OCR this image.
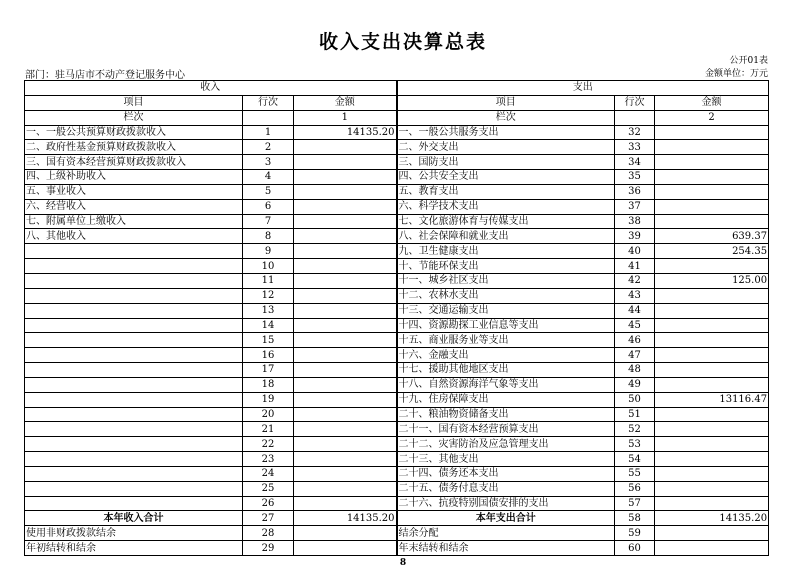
收入支出决算总表
公开01表
部门：驻马店市不动产登记服务中心	金额单位：万元
收入			支出		
项目	行次	金额	项目	行次	金额
栏次		1	栏次		2
一、一般公共预算财政拨款收入	1	14135.20	一、一般公共服务支出	32	
二、政府性基金预算财政拨款收入	2		二、外交支出	33	
三、国有资本经营预算财政拨款收入	3		三、国防支出	34	
四、上级补助收入	4		四、公共安全支出	35	
五、事业收入	5		五、教育支出	36	
六、经营收入	6		六、科学技术支出	37	
七、附属单位上缴收入	7		七、文化旅游体育与传媒支出	38	
八、其他收入	8		八、社会保障和就业支出	39	639.37
	9		九、卫生健康支出	40	254.35
	10		十、节能环保支出	41	
	11		十一、城乡社区支出	42	125.00
	12		十二、农林水支出	43	
	13		十三、交通运输支出	44	
	14		十四、资源勘探工业信息等支出	45	
	15		十五、商业服务业等支出	46	
	16		十六、金融支出	47	
	17		十七、援助其他地区支出	48	
	18		十八、自然资源海洋气象等支出	49	
	19		十九、住房保障支出	50	13116.47
	20		二十、粮油物资储备支出	51	
	21		二十一、国有资本经营预算支出	52	
	22		二十二、灾害防治及应急管理支出	53	
	23		二十三、其他支出	54	
	24		二十四、债务还本支出	55	
	25		二十五、债务付息支出	56	
	26		二十六、抗疫特别国债安排的支出	57	
本年收入合计	27	14135.20	本年支出合计	58	14135.20
使用非财政拨款结余	28		结余分配	59	
年初结转和结余	29		年末结转和结余	60	
8
